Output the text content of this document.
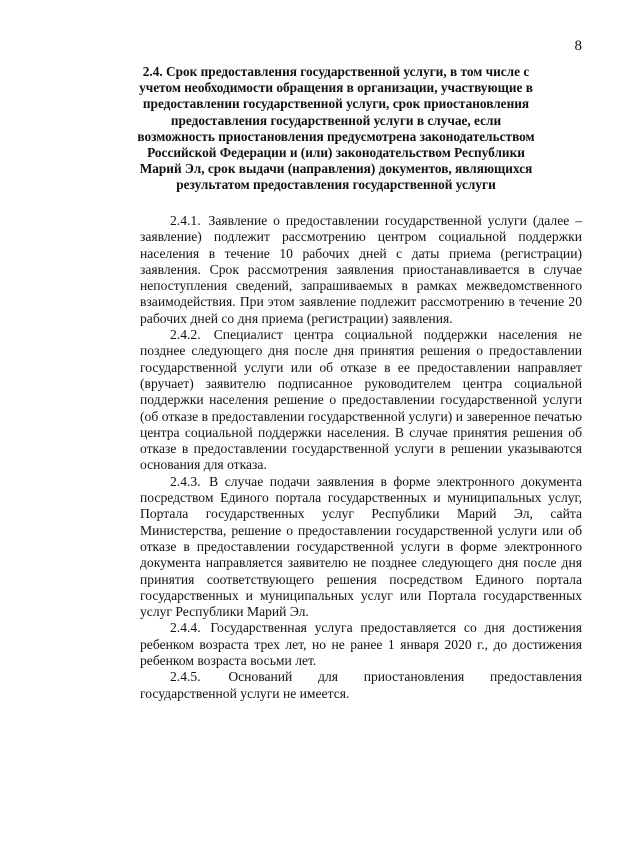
8
2.4. Срок предоставления государственной услуги, в том числе с учетом необходимости обращения в организации, участвующие в предоставлении государственной услуги, срок приостановления предоставления государственной услуги в случае, если возможность приостановления предусмотрена законодательством Российской Федерации и (или) законодательством Республики Марий Эл, срок выдачи (направления) документов, являющихся результатом предоставления государственной услуги

2.4.1. Заявление о предоставлении государственной услуги (далее – заявление) подлежит рассмотрению центром социальной поддержки населения в течение 10 рабочих дней с даты приема (регистрации) заявления. Срок рассмотрения заявления приостанавливается в случае непоступления сведений, запрашиваемых в рамках межведомственного взаимодействия. При этом заявление подлежит рассмотрению в течение 20 рабочих дней со дня приема (регистрации) заявления.

2.4.2. Специалист центра социальной поддержки населения не позднее следующего дня после дня принятия решения о предоставлении государственной услуги или об отказе в ее предоставлении направляет (вручает) заявителю подписанное руководителем центра социальной поддержки населения решение о предоставлении государственной услуги (об отказе в предоставлении государственной услуги) и заверенное печатью центра социальной поддержки населения. В случае принятия решения об отказе в предоставлении государственной услуги в решении указываются основания для отказа.

2.4.3. В случае подачи заявления в форме электронного документа посредством Единого портала государственных и муниципальных услуг, Портала государственных услуг Республики Марий Эл, сайта Министерства, решение о предоставлении государственной услуги или об отказе в предоставлении государственной услуги в форме электронного документа направляется заявителю не позднее следующего дня после дня принятия соответствующего решения посредством Единого портала государственных и муниципальных услуг или Портала государственных услуг Республики Марий Эл.

2.4.4. Государственная услуга предоставляется со дня достижения ребенком возраста трех лет, но не ранее 1 января 2020 г., до достижения ребенком возраста восьми лет.

2.4.5. Оснований для приостановления предоставления государственной услуги не имеется.
